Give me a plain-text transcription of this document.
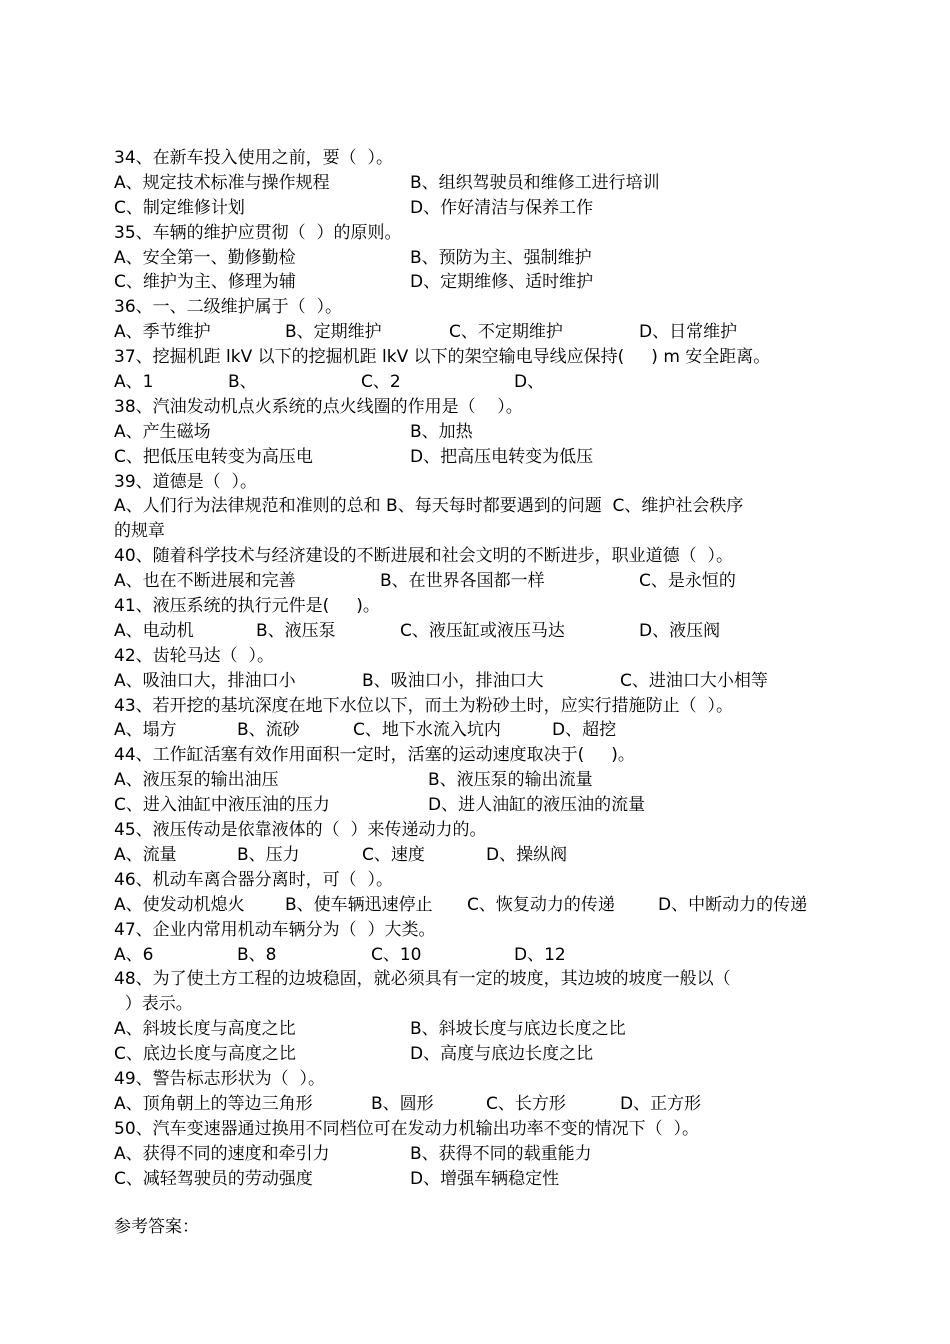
34、在新车投入使用之前，要（  ）。

A、规定技术标准与操作规程

	B、组织驾驶员和维修工进行培训

C、制定维修计划

	D、作好清洁与保养工作

35、车辆的维护应贯彻（  ）的原则。

A、安全第一、勤修勤检

	B、预防为主、强制维护

C、维护为主、修理为辅

	D、定期维修、适时维护

36、一、二级维护属于（  ）。

A、季节维护

	B、定期维护

	C、不定期维护

	D、日常维护

37、挖掘机距 lkV 以下的挖掘机距 lkV 以下的架空输电导线应保持(     ) m 安全距离。

A、1

	B、

	C、2

	D、

38、汽油发动机点火系统的点火线圈的作用是（    ）。

A、产生磁场

	B、加热

C、把低压电转变为高压电

	D、把高压电转变为低压

39、道德是（  ）。
A、人们行为法律规范和准则的总和 B、每天每时都要遇到的问题  C、维护社会秩序
的规章
40、随着科学技术与经济建设的不断进展和社会文明的不断进步，职业道德（  ）。

A、也在不断进展和完善

	B、在世界各国都一样

	C、是永恒的

41、液压系统的执行元件是(     )。

A、电动机

	B、液压泵

	C、液压缸或液压马达

	D、液压阀

42、齿轮马达（  ）。

A、吸油口大，排油口小

	B、吸油口小，排油口大

	C、进油口大小相等

43、若开挖的基坑深度在地下水位以下，而土为粉砂土时，应实行措施防止（  ）。

A、塌方

	B、流砂

	C、地下水流入坑内

	D、超挖

44、工作缸活塞有效作用面积一定时，活塞的运动速度取决于(     )。

A、液压泵的输出油压

	B、液压泵的输出流量

C、进入油缸中液压油的压力

	D、进人油缸的液压油的流量

45、液压传动是依靠液体的（  ）来传递动力的。

A、流量

	B、压力

	C、速度

	D、操纵阀

46、机动车离合器分离时，可（  ）。

A、使发动机熄火

B、使车辆迅速停止

C、恢复动力的传递

	D、中断动力的传递

47、企业内常用机动车辆分为（  ）大类。

A、6

	B、8

	C、10

	D、12

48、为了使土方工程的边坡稳固，就必须具有一定的坡度，其边坡的坡度一般以（
）表示。

A、斜坡长度与高度之比

	B、斜坡长度与底边长度之比

C、底边长度与高度之比

	D、高度与底边长度之比

49、警告标志形状为（  ）。

A、顶角朝上的等边三角形

	B、圆形

	C、长方形

	D、正方形

50、汽车变速器通过换用不同档位可在发动力机输出功率不变的情况下（  ）。

A、获得不同的速度和牵引力

	B、获得不同的载重能力

C、减轻驾驶员的劳动强度

	D、增强车辆稳定性

参考答案：
